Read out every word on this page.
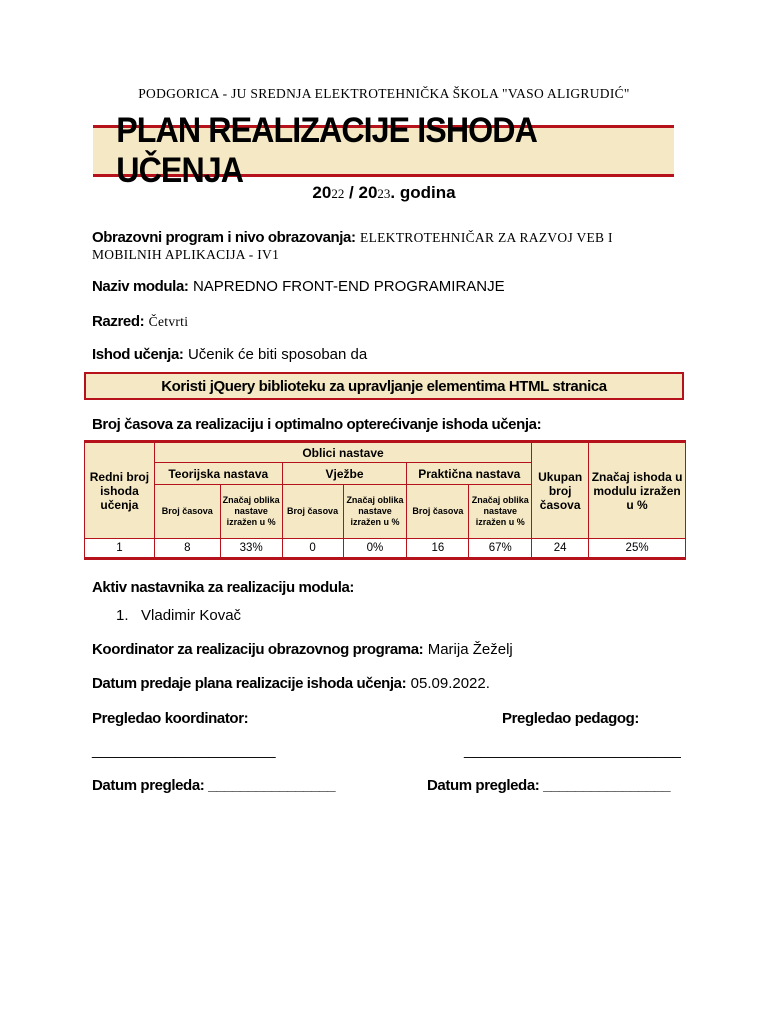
PODGORICA - JU SREDNJA ELEKTROTEHNIČKA ŠKOLA "VASO ALIGRUDIĆ"
PLAN REALIZACIJE ISHODA UČENJA
2022 / 2023. godina
Obrazovni program i nivo obrazovanja: ELEKTROTEHNIČAR ZA RAZVOJ VEB I MOBILNIH APLIKACIJA - IV1
Naziv modula: NAPREDNO FRONT-END PROGRAMIRANJE
Razred: Četvrti
Ishod učenja: Učenik će biti sposoban da
Koristi jQuery biblioteku za upravljanje elementima HTML stranica
Broj časova za realizaciju i optimalno opterećivanje ishoda učenja:
Redni broj ishoda učenja	Oblici nastave						Ukupan broj časova	Značaj ishoda u modulu izražen u %
	Teorijska nastava		Vježbe		Praktična nastava			
	Broj časova	Značaj oblika nastave izražen u %	Broj časova	Značaj oblika nastave izražen u %	Broj časova	Značaj oblika nastave izražen u %		
1	8	33%	0	0%	16	67%	24	25%
Aktiv nastavnika za realizaciju modula:
1.   Vladimir Kovač
Koordinator za realizaciju obrazovnog programa: Marija Žeželj
Datum predaje plana realizacije ishoda učenja: 05.09.2022.
Pregledao koordinator:	Pregledao pedagog:
______________________	__________________________
Datum pregleda: ________________	Datum pregleda: ________________
